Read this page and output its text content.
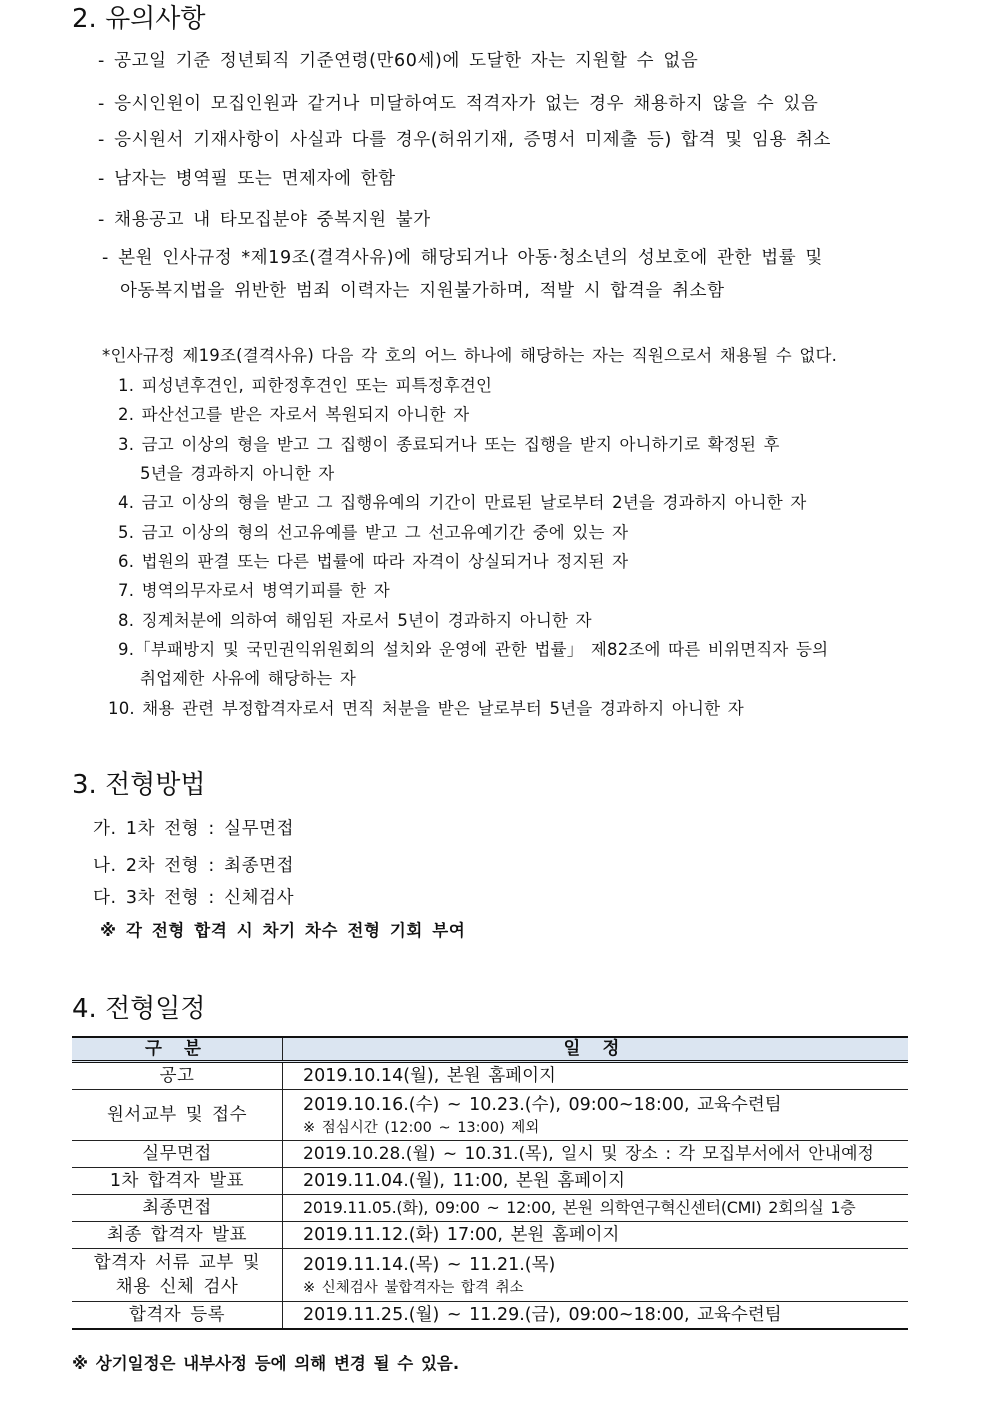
2. 유의사항
- 공고일 기준 정년퇴직 기준연령(만60세)에 도달한 자는 지원할 수 없음
- 응시인원이 모집인원과 같거나 미달하여도 적격자가 없는 경우 채용하지 않을 수 있음
- 응시원서 기재사항이 사실과 다를 경우(허위기재, 증명서 미제출 등) 합격 및 임용 취소
- 남자는 병역필 또는 면제자에 한함
- 채용공고 내 타모집분야 중복지원 불가
- 본원 인사규정 *제19조(결격사유)에 해당되거나 아동·청소년의 성보호에 관한 법률 및
아동복지법을 위반한 범죄 이력자는 지원불가하며, 적발 시 합격을 취소함
*인사규정 제19조(결격사유) 다음 각 호의 어느 하나에 해당하는 자는 직원으로서 채용될 수 없다.
1. 피성년후견인, 피한정후견인 또는 피특정후견인
2. 파산선고를 받은 자로서 복원되지 아니한 자
3. 금고 이상의 형을 받고 그 집행이 종료되거나 또는 집행을 받지 아니하기로 확정된 후
5년을 경과하지 아니한 자
4. 금고 이상의 형을 받고 그 집행유예의 기간이 만료된 날로부터 2년을 경과하지 아니한 자
5. 금고 이상의 형의 선고유예를 받고 그 선고유예기간 중에 있는 자
6. 법원의 판결 또는 다른 법률에 따라 자격이 상실되거나 정지된 자
7. 병역의무자로서 병역기피를 한 자
8. 징계처분에 의하여 해임된 자로서 5년이 경과하지 아니한 자
9.「부패방지 및 국민권익위원회의 설치와 운영에 관한 법률」 제82조에 따른 비위면직자 등의
취업제한 사유에 해당하는 자
10. 채용 관련 부정합격자로서 면직 처분을 받은 날로부터 5년을 경과하지 아니한 자
3. 전형방법
가. 1차 전형 : 실무면접
나. 2차 전형 : 최종면접
다. 3차 전형 : 신체검사
※ 각 전형 합격 시 차기 차수 전형 기회 부여
4. 전형일정
구 분	일 정
공고	2019.10.14(월), 본원 홈페이지
원서교부 및 접수	2019.10.16.(수) ~ 10.23.(수), 09:00~18:00, 교육수련팀
※ 점심시간 (12:00 ~ 13:00) 제외

실무면접	2019.10.28.(월) ~ 10.31.(목), 일시 및 장소 : 각 모집부서에서 안내예정
1차 합격자 발표	2019.11.04.(월), 11:00, 본원 홈페이지
최종면접	2019.11.05.(화), 09:00 ~ 12:00, 본원 의학연구혁신센터(CMI) 2회의실 1층
최종 합격자 발표	2019.11.12.(화) 17:00, 본원 홈페이지

합격자 서류 교부 및
채용 신체 검사	2019.11.14.(목) ~ 11.21.(목)
※ 신체검사 불합격자는 합격 취소

합격자 등록	2019.11.25.(월) ~ 11.29.(금), 09:00~18:00, 교육수련팀
※ 상기일정은 내부사정 등에 의해 변경 될 수 있음.
